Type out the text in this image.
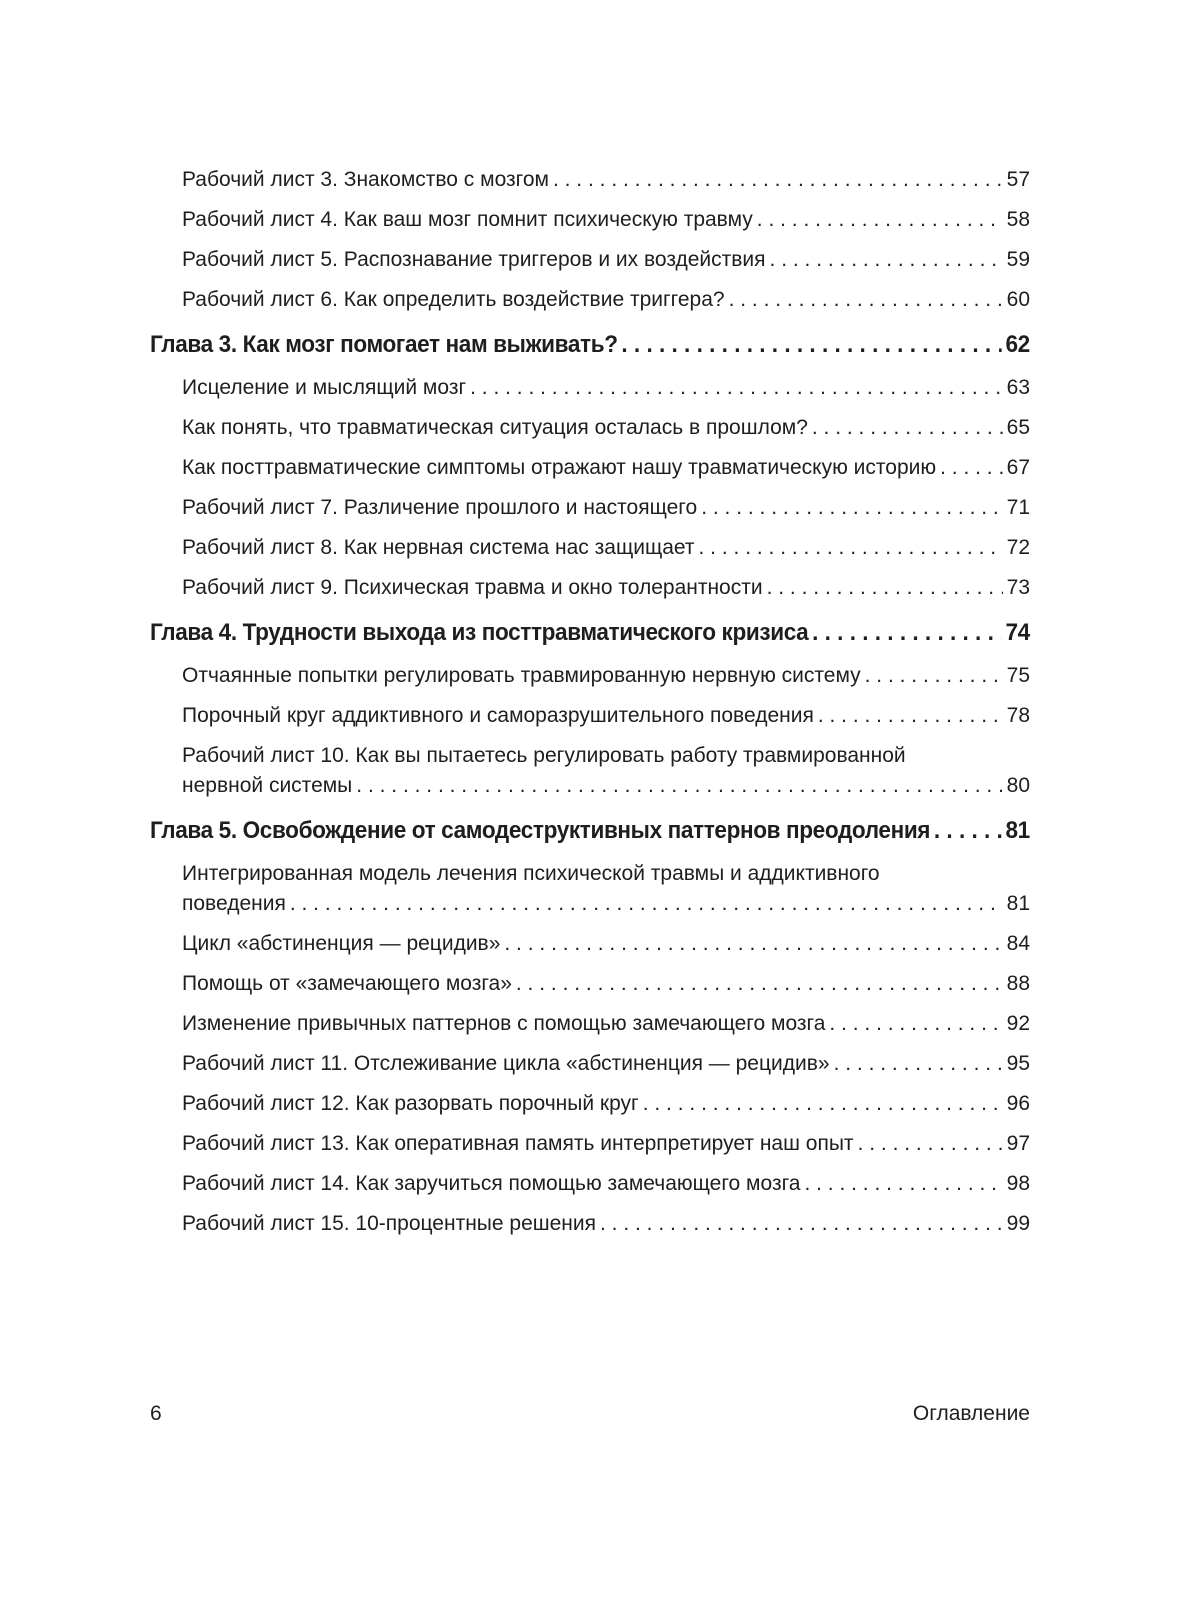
Рабочий лист 3. Знакомство с мозгом . . .	57
Рабочий лист 4. Как ваш мозг помнит психическую травму . . .	58
Рабочий лист 5. Распознавание триггеров и их воздействия . . .	59
Рабочий лист 6. Как определить воздействие триггера? . . .	60
Глава 3. Как мозг помогает нам выживать? . . .	62
Исцеление и мыслящий мозг . . .	63
Как понять, что травматическая ситуация осталась в прошлом? . . .	65
Как посттравматические симптомы отражают нашу травматическую историю . . .	67
Рабочий лист 7. Различение прошлого и настоящего . . .	71
Рабочий лист 8. Как нервная система нас защищает . . .	72
Рабочий лист 9. Психическая травма и окно толерантности . . .	73
Глава 4. Трудности выхода из посттравматического кризиса . . .	74
Отчаянные попытки регулировать травмированную нервную систему . . .	75
Порочный круг аддиктивного и саморазрушительного поведения . . .	78
Рабочий лист 10. Как вы пытаетесь регулировать работу травмированной
нервной системы . . .	80
Глава 5. Освобождение от самодеструктивных паттернов преодоления . . .	81
Интегрированная модель лечения психической травмы и аддиктивного
поведения . . .	81
Цикл «абстиненция — рецидив» . . .	84
Помощь от «замечающего мозга» . . .	88
Изменение привычных паттернов с помощью замечающего мозга . . .	92
Рабочий лист 11. Отслеживание цикла «абстиненция — рецидив» . . .	95
Рабочий лист 12. Как разорвать порочный круг . . .	96
Рабочий лист 13. Как оперативная память интерпретирует наш опыт . . .	97
Рабочий лист 14. Как заручиться помощью замечающего мозга . . .	98
Рабочий лист 15. 10-процентные решения . . .	99
6	Оглавление
